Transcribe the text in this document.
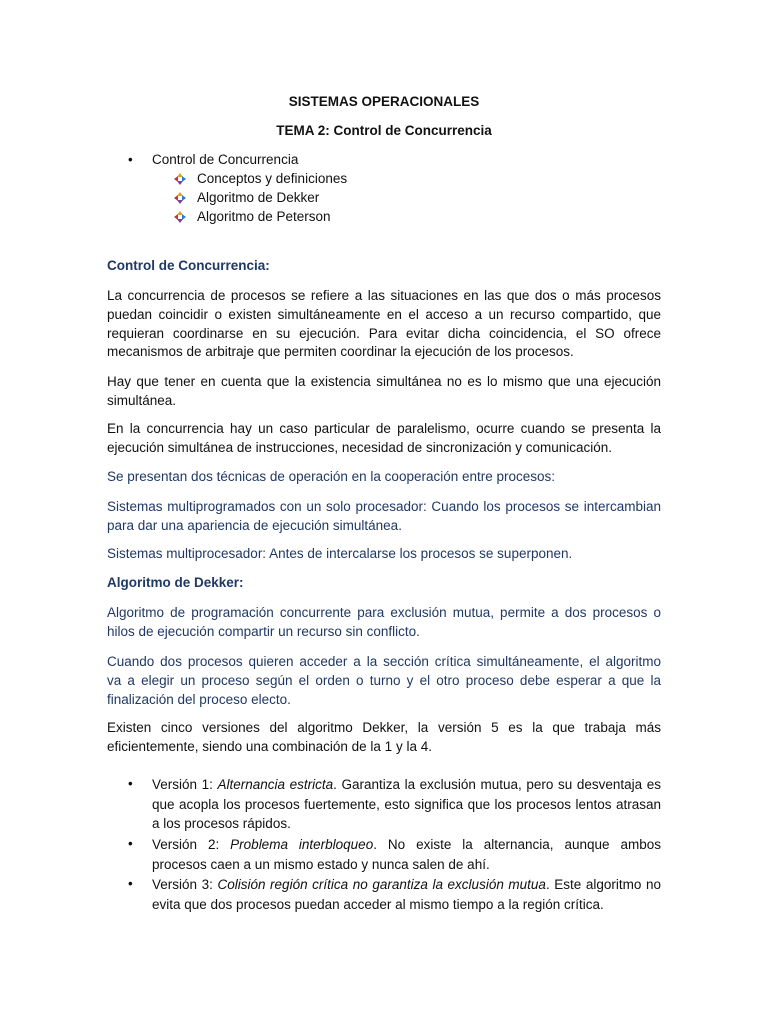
SISTEMAS OPERACIONALES
TEMA 2: Control de Concurrencia
• Control de Concurrencia
Conceptos y definiciones
Algoritmo de Dekker
Algoritmo de Peterson
Control de Concurrencia:
La concurrencia de procesos se refiere a las situaciones en las que dos o más procesos
puedan coincidir o existen simultáneamente en el acceso a un recurso compartido, que
requieran coordinarse en su ejecución. Para evitar dicha coincidencia, el SO ofrece
mecanismos de arbitraje que permiten coordinar la ejecución de los procesos.
Hay que tener en cuenta que la existencia simultánea no es lo mismo que una ejecución
simultánea.
En la concurrencia hay un caso particular de paralelismo, ocurre cuando se presenta la
ejecución simultánea de instrucciones, necesidad de sincronización y comunicación.
Se presentan dos técnicas de operación en la cooperación entre procesos:
Sistemas multiprogramados con un solo procesador: Cuando los procesos se intercambian
para dar una apariencia de ejecución simultánea.
Sistemas multiprocesador: Antes de intercalarse los procesos se superponen.
Algoritmo de Dekker:
Algoritmo de programación concurrente para exclusión mutua, permite a dos procesos o
hilos de ejecución compartir un recurso sin conflicto.
Cuando dos procesos quieren acceder a la sección crítica simultáneamente, el algoritmo
va a elegir un proceso según el orden o turno y el otro proceso debe esperar a que la
finalización del proceso electo.
Existen cinco versiones del algoritmo Dekker, la versión 5 es la que trabaja más
eficientemente, siendo una combinación de la 1 y la 4.
• Versión 1: Alternancia estricta. Garantiza la exclusión mutua, pero su desventaja es
que acopla los procesos fuertemente, esto significa que los procesos lentos atrasan
a los procesos rápidos.
• Versión 2: Problema interbloqueo. No existe la alternancia, aunque ambos
procesos caen a un mismo estado y nunca salen de ahí.
• Versión 3: Colisión región crítica no garantiza la exclusión mutua. Este algoritmo no
evita que dos procesos puedan acceder al mismo tiempo a la región crítica.
